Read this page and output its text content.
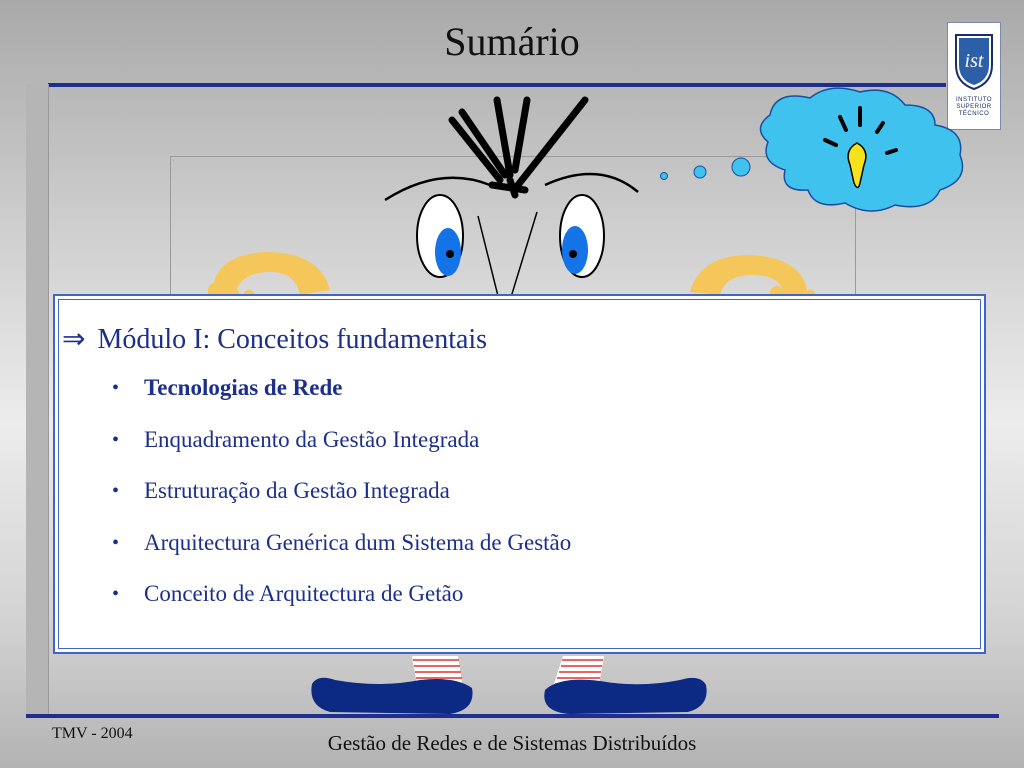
Sumário	ist
INSTITUTO
SUPERIOR
TÉCNICO
▪
⇒ Módulo I: Conceitos fundamentais
• Tecnologias de Rede
• Enquadramento da Gestão Integrada
• Estruturação da Gestão Integrada
• Arquitectura Genérica dum Sistema de Gestão
• Conceito de Arquitectura de Getão
TMV - 2004	Gestão de Redes e de Sistemas Distribuídos
